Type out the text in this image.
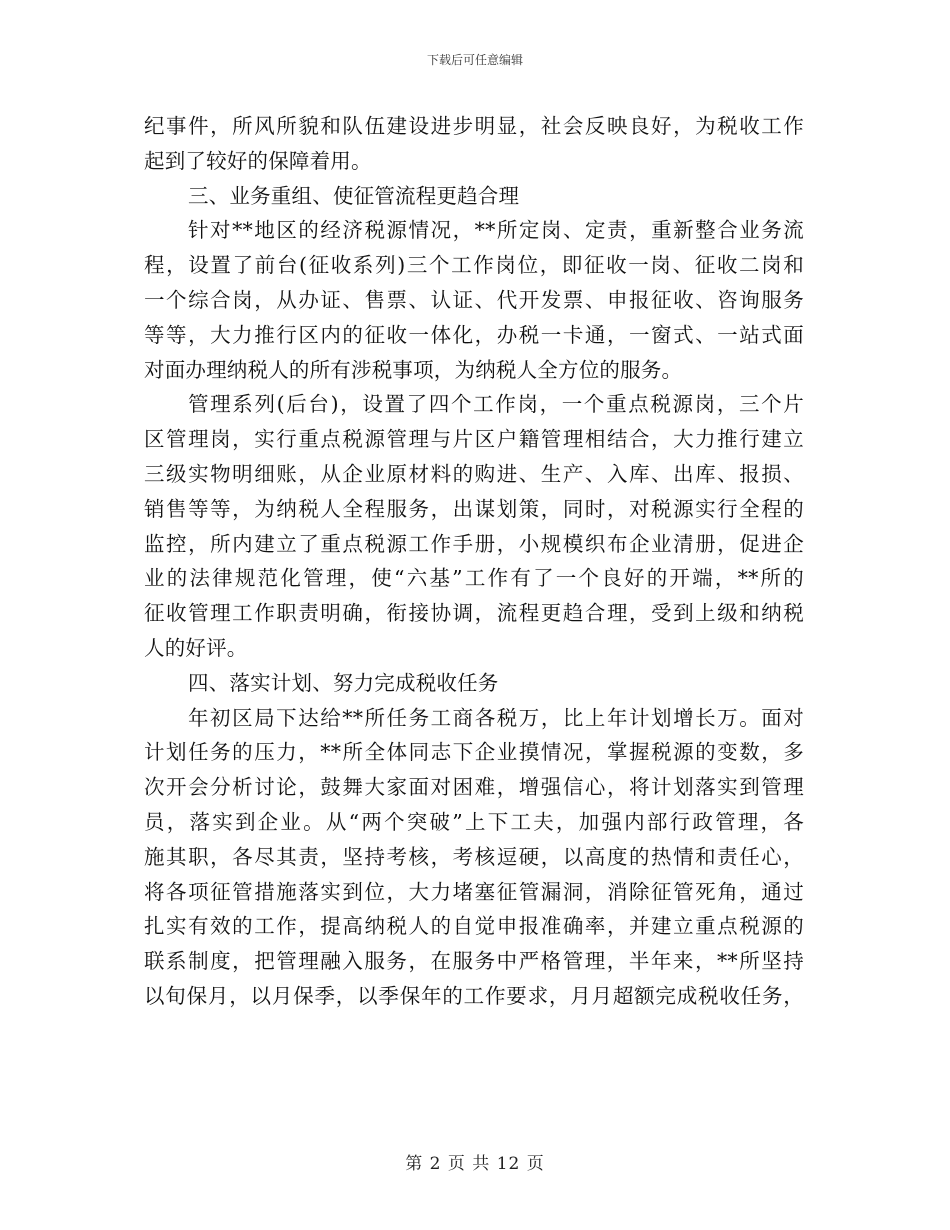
下载后可任意编辑
纪事件，所风所貌和队伍建设进步明显，社会反映良好，为税收工作
起到了较好的保障着用。
三、业务重组、使征管流程更趋合理
针对**地区的经济税源情况，**所定岗、定责，重新整合业务流
程，设置了前台(征收系列)三个工作岗位，即征收一岗、征收二岗和
一个综合岗，从办证、售票、认证、代开发票、申报征收、咨询服务
等等，大力推行区内的征收一体化，办税一卡通，一窗式、一站式面
对面办理纳税人的所有涉税事项，为纳税人全方位的服务。
管理系列(后台)，设置了四个工作岗，一个重点税源岗，三个片
区管理岗，实行重点税源管理与片区户籍管理相结合，大力推行建立
三级实物明细账，从企业原材料的购进、生产、入库、出库、报损、
销售等等，为纳税人全程服务，出谋划策，同时，对税源实行全程的
监控，所内建立了重点税源工作手册，小规模织布企业清册，促进企
业的法律规范化管理，使“六基”工作有了一个良好的开端，**所的
征收管理工作职责明确，衔接协调，流程更趋合理，受到上级和纳税
人的好评。
四、落实计划、努力完成税收任务
年初区局下达给**所任务工商各税万，比上年计划增长万。面对
计划任务的压力，**所全体同志下企业摸情况，掌握税源的变数，多
次开会分析讨论，鼓舞大家面对困难，增强信心，将计划落实到管理
员，落实到企业。从“两个突破”上下工夫，加强内部行政管理，各
施其职，各尽其责，坚持考核，考核逗硬，以高度的热情和责任心，
将各项征管措施落实到位，大力堵塞征管漏洞，消除征管死角，通过
扎实有效的工作，提高纳税人的自觉申报准确率，并建立重点税源的
联系制度，把管理融入服务，在服务中严格管理，半年来，**所坚持
以旬保月，以月保季，以季保年的工作要求，月月超额完成税收任务，
第 2 页 共 12 页
